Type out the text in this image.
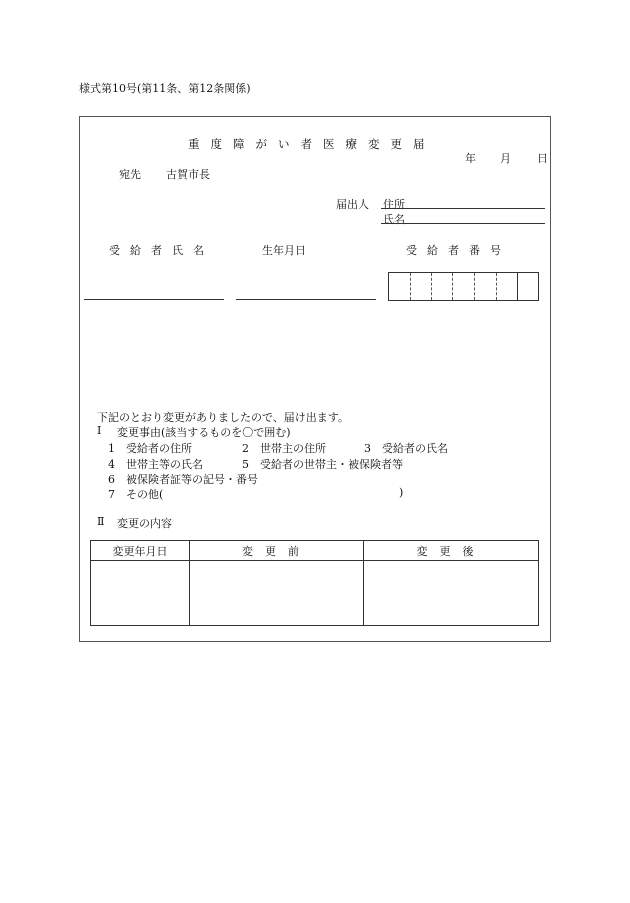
様式第10号(第11条、第12条関係)
重度障がい者医療変更届
年 月 日
宛先 古賀市長
届出人 住所
氏名
受給者氏名	生年月日	受給者番号
下記のとおり変更がありましたので、届け出ます。
Ⅰ 変更事由(該当するものを〇で囲む)
1　受給者の住所	2　世帯主の住所	3　受給者の氏名
4　世帯主等の氏名	5　受給者の世帯主・被保険者等
6　被保険者証等の記号・番号
7　その他(	)
Ⅱ 変更の内容
変更年月日	変更前	変更後
